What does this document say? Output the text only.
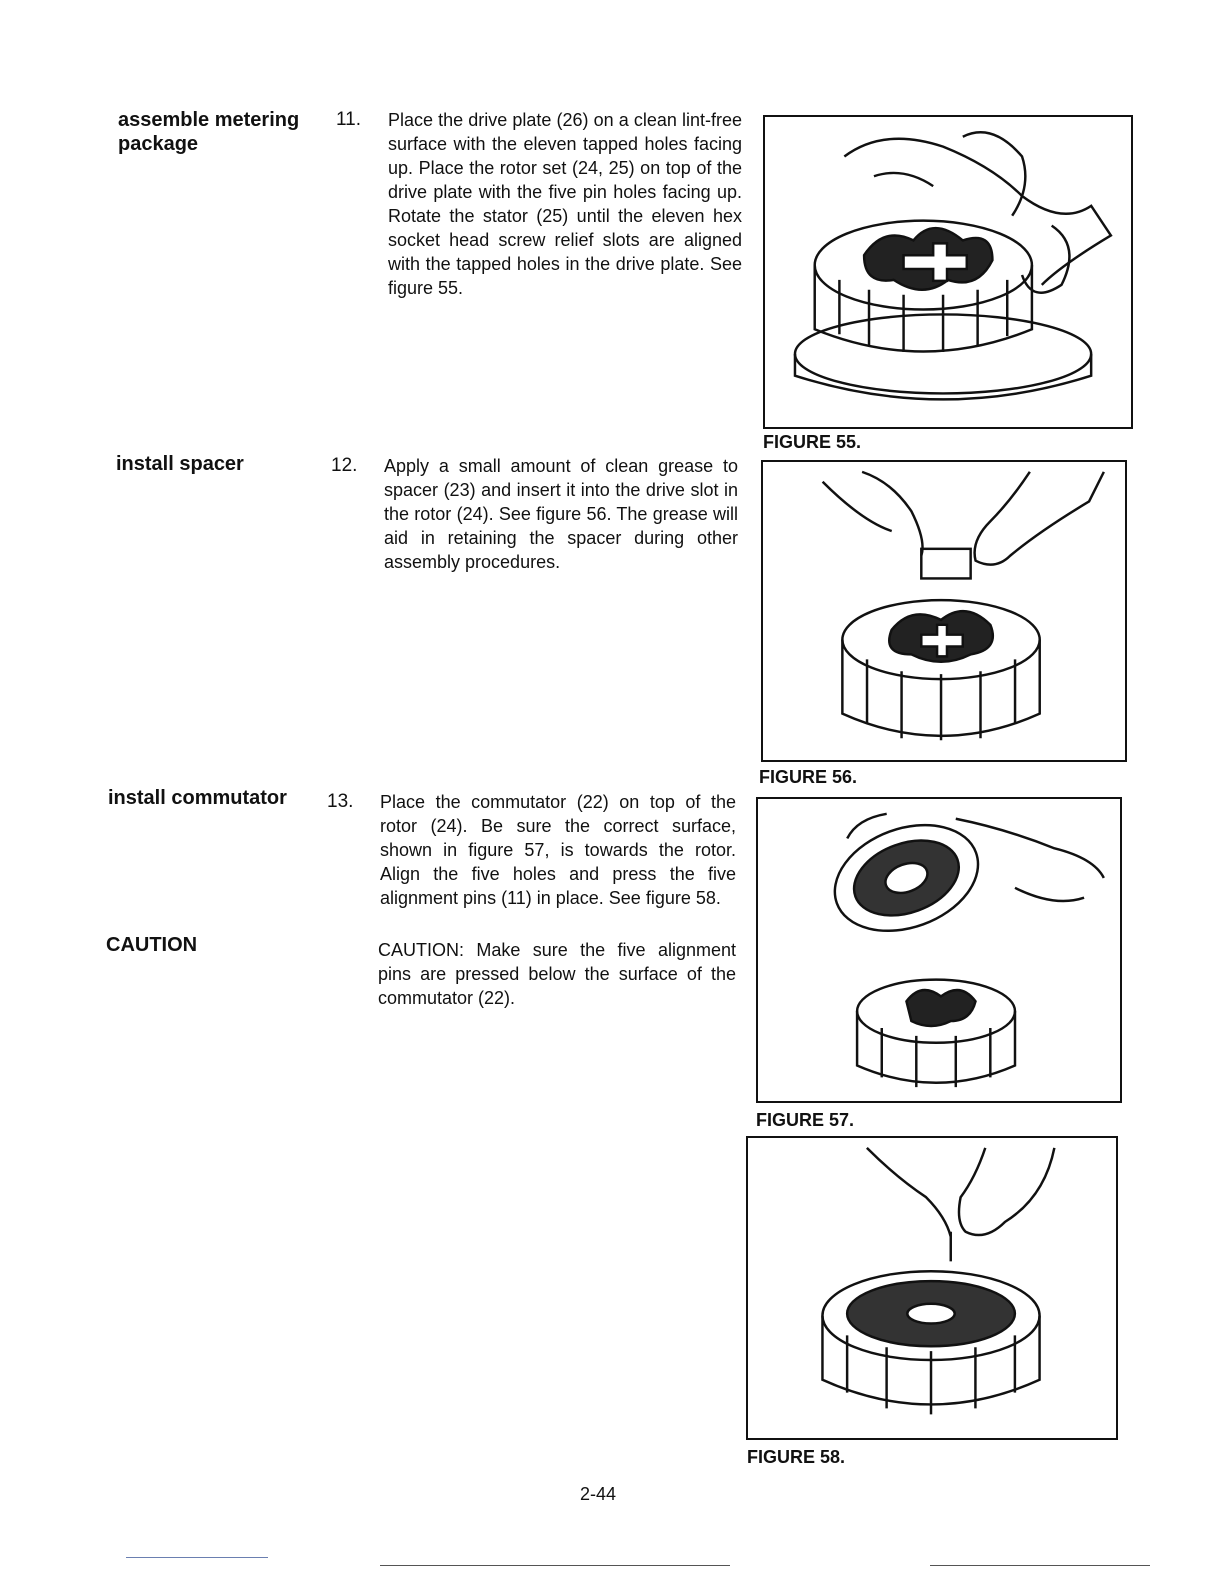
assemble metering
package
11. Place the drive plate (26) on a clean lint-free surface with the eleven tapped holes facing up. Place the rotor set (24, 25) on top of the drive plate with the five pin holes facing up. Rotate the stator (25) until the eleven hex socket head screw relief slots are aligned with the tapped holes in the drive plate. See figure 55.
install spacer	12. Apply a small amount of clean grease to spacer (23) and insert it into the drive slot in the rotor (24). See figure 56. The grease will aid in retaining the spacer during other assembly procedures.
install commutator 13. Place the commutator (22) on top of the rotor (24). Be sure the correct surface, shown in figure 57, is towards the rotor. Align the five holes and press the five alignment pins (11) in place. See figure 58.
CAUTION	CAUTION: Make sure the five alignment pins are pressed below the surface of the commutator (22).
FIGURE 55.
FIGURE 56.
FIGURE 57.
FIGURE 58.
2-44
